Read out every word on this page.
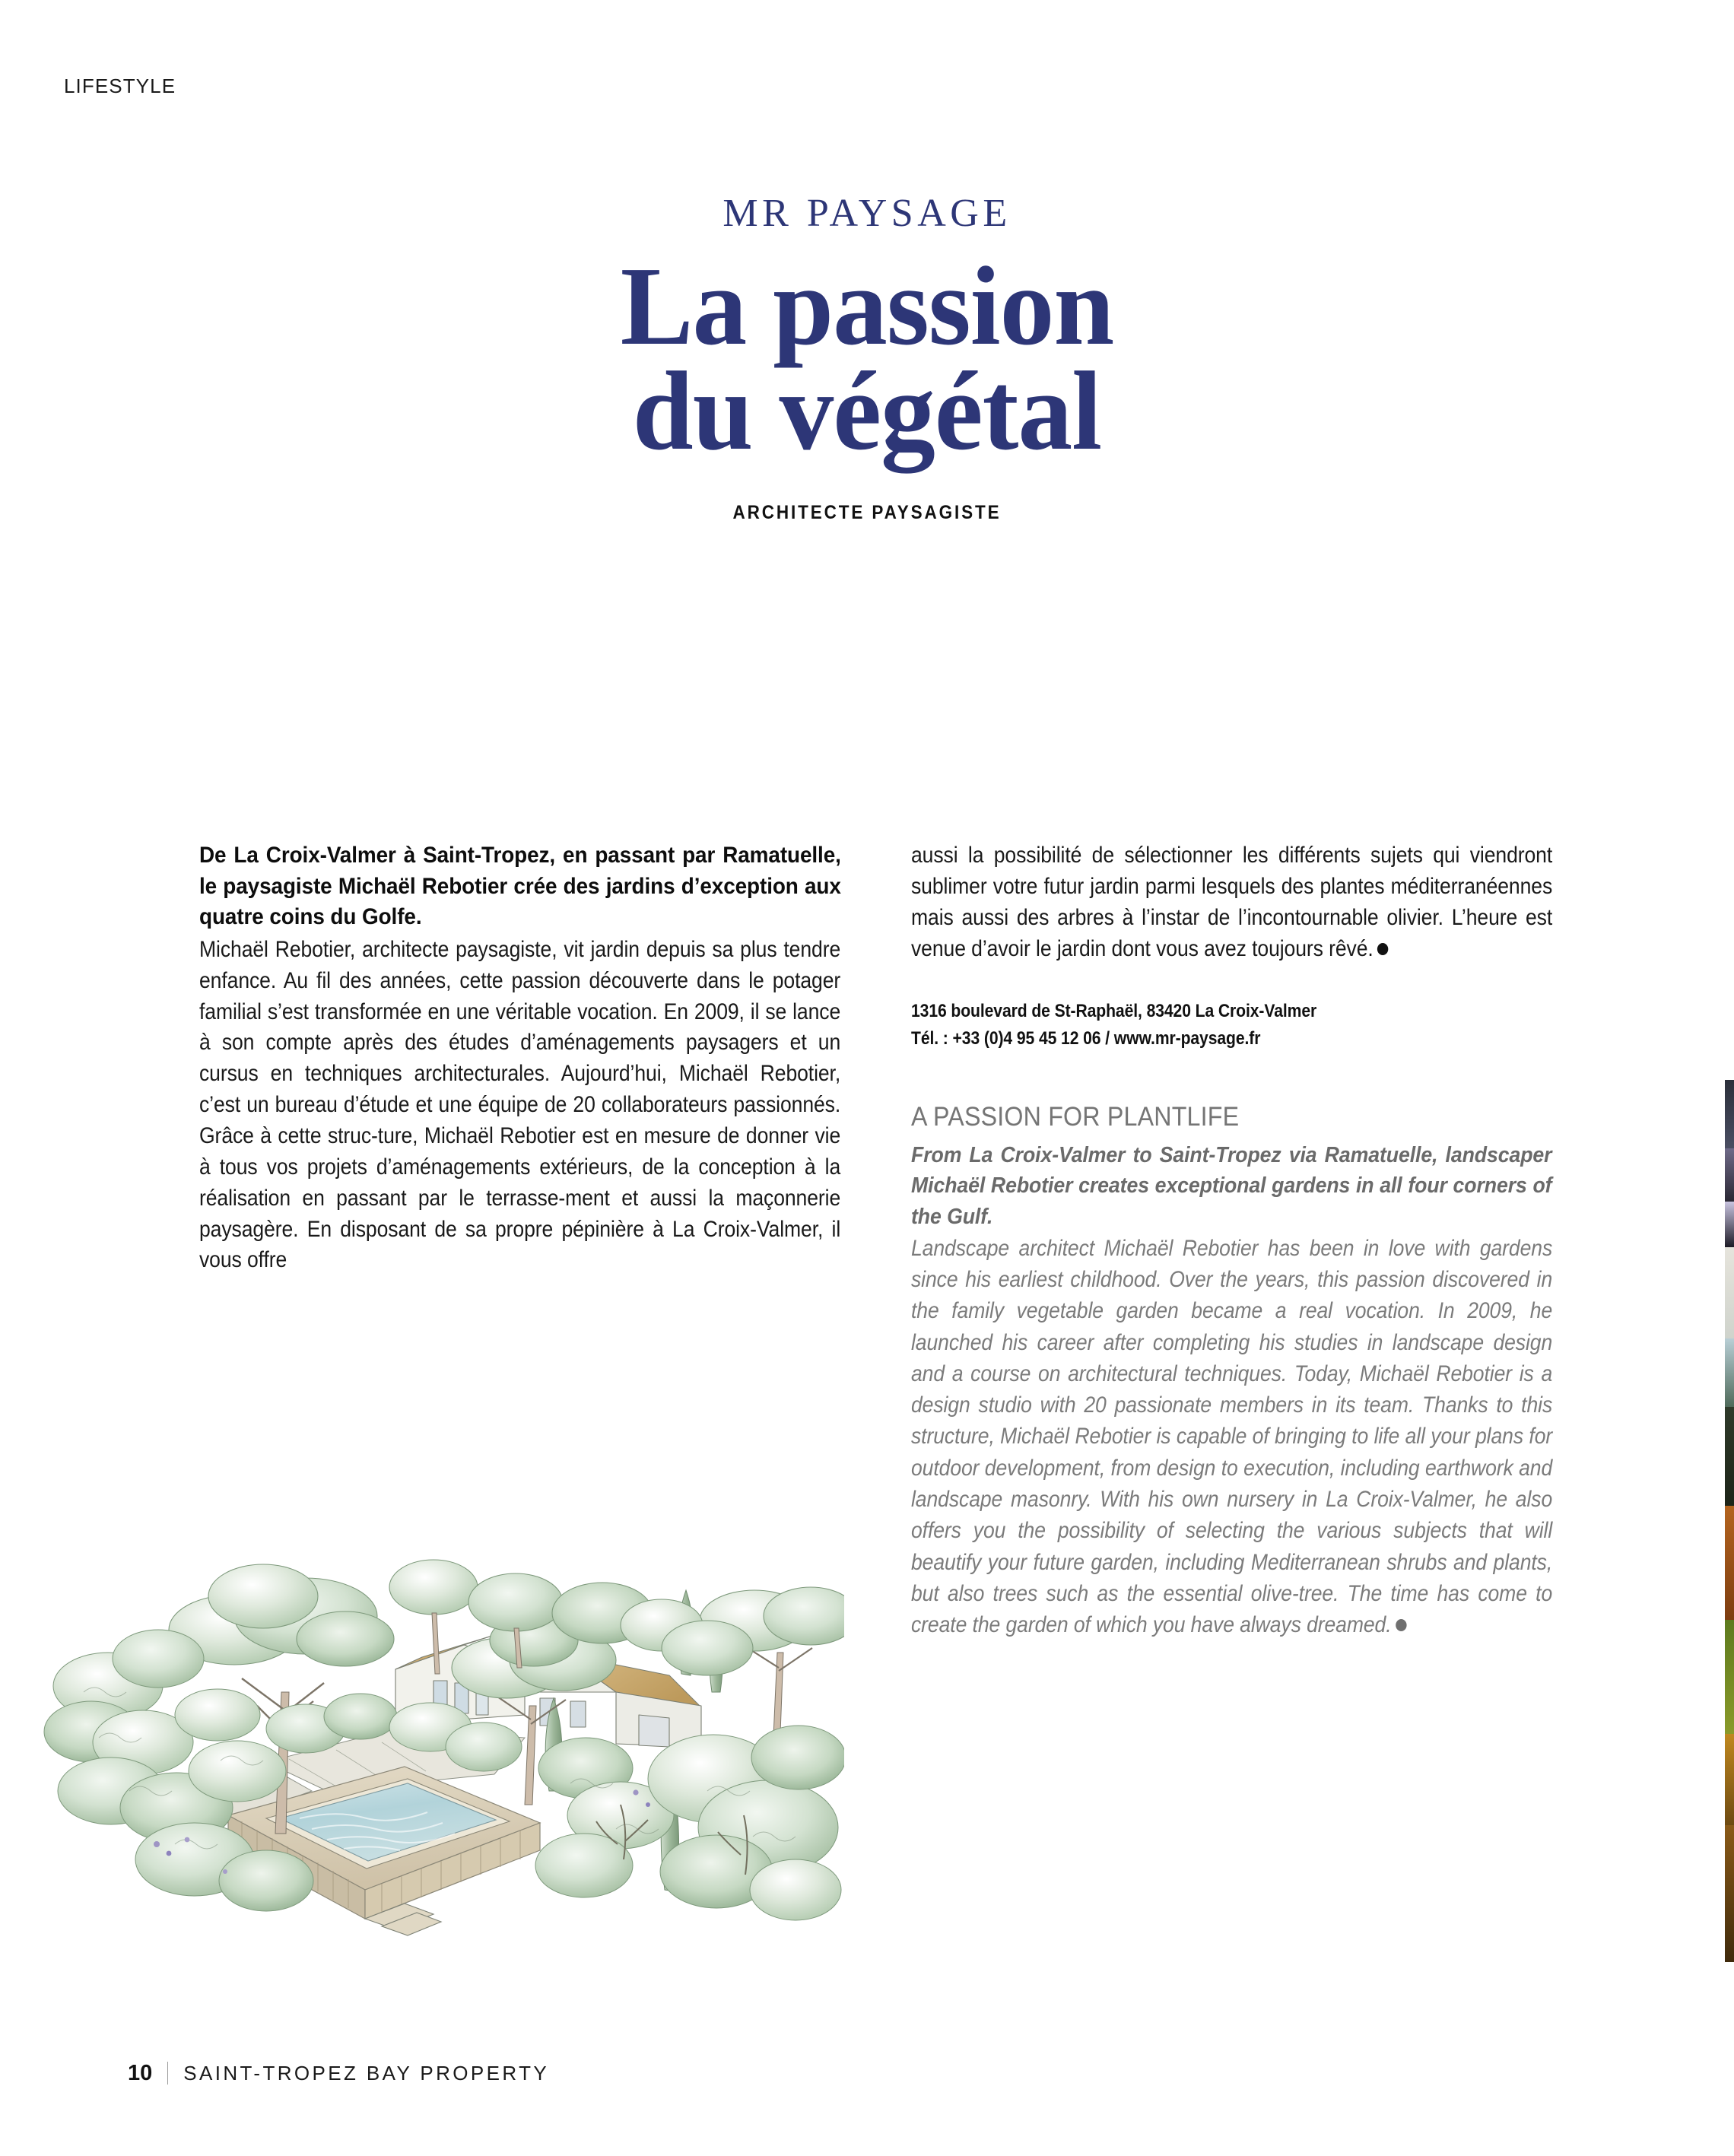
LIFESTYLE
MR PAYSAGE
La passion
du végétal
ARCHITECTE PAYSAGISTE

De La Croix-Valmer à Saint-Tropez, en passant par Ramatuelle, le paysagiste Michaël Rebotier crée des jardins d’exception aux quatre coins du Golfe.

Michaël Rebotier, architecte paysagiste, vit jardin depuis sa plus tendre enfance. Au fil des années, cette passion découverte dans le potager familial s’est transformée en une véritable vocation. En 2009, il se lance à son compte après des études d’aménagements paysagers et un cursus en techniques architecturales. Aujourd’hui, Michaël Rebotier, c’est un bureau d’étude et une équipe de 20 collaborateurs passionnés. Grâce à cette struc-ture, Michaël Rebotier est en mesure de donner vie à tous vos projets d’aménagements extérieurs, de la conception à la réalisation en passant par le terrasse-ment et aussi la maçonnerie paysagère. En disposant de sa propre pépinière à La Croix-Valmer, il vous offre

aussi la possibilité de sélectionner les différents sujets qui viendront sublimer votre futur jardin parmi lesquels des plantes méditerranéennes mais aussi des arbres à l’instar de l’incontournable olivier. L’heure est venue d’avoir le jardin dont vous avez toujours rêvé.

1316 boulevard de St-Raphaël, 83420 La Croix-Valmer
Tél. : +33 (0)4 95 45 12 06 / www.mr-paysage.fr
A PASSION FOR PLANTLIFE

From La Croix-Valmer to Saint-Tropez via Ramatuelle, landscaper Michaël Rebotier creates exceptional gardens in all four corners of the Gulf.

Landscape architect Michaël Rebotier has been in love with gardens since his earliest childhood. Over the years, this passion discovered in the family vegetable garden became a real vocation. In 2009, he launched his career after completing his studies in landscape design and a course on architectural techniques. Today, Michaël Rebotier is a design studio with 20 passionate members in its team. Thanks to this structure, Michaël Rebotier is capable of bringing to life all your plans for outdoor development, from design to execution, including earthwork and landscape masonry. With his own nursery in La Croix-Valmer, he also offers you the possibility of selecting the various subjects that will beautify your future garden, including Mediterranean shrubs and plants, but also trees such as the essential olive-tree. The time has come to create the garden of which you have always dreamed.

10 SAINT-TROPEZ BAY PROPERTY
